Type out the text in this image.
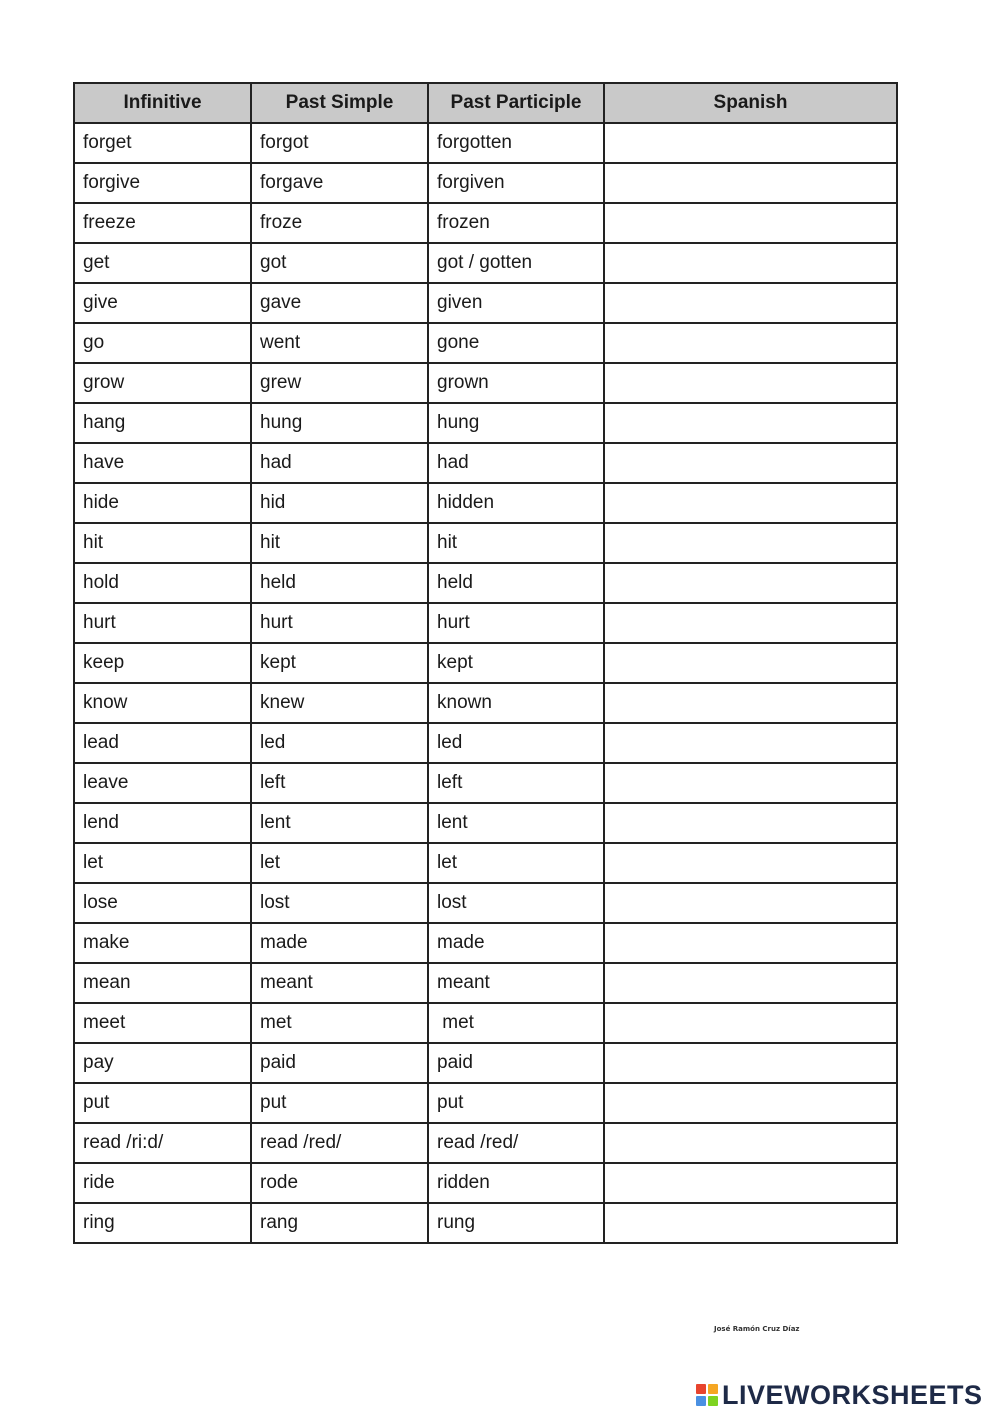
Infinitive	Past Simple	Past Participle	Spanish
forget	forgot	forgotten	
forgive	forgave	forgiven	
freeze	froze	frozen	
get	got	got / gotten	
give	gave	given	
go	went	gone	
grow	grew	grown	
hang	hung	hung	
have	had	had	
hide	hid	hidden	
hit	hit	hit	
hold	held	held	
hurt	hurt	hurt	
keep	kept	kept	
know	knew	known	
lead	led	led	
leave	left	left	
lend	lent	lent	
let	let	let	
lose	lost	lost	
make	made	made	
mean	meant	meant	
meet	met	met	
pay	paid	paid	
put	put	put	
read /ri:d/	read /red/	read /red/	
ride	rode	ridden	
ring	rang	rung	
José Ramón Cruz Díaz
LIVEWORKSHEETS
